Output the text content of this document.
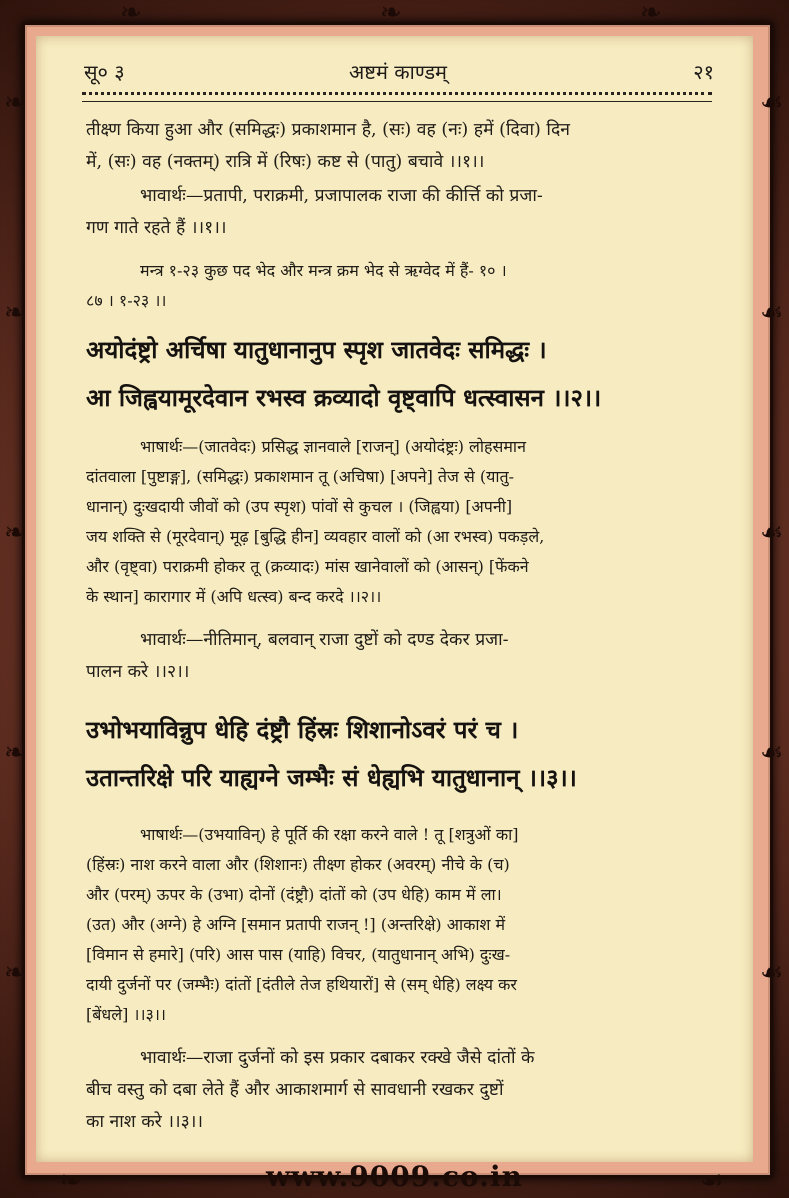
❧
❧
❧
❧
❧
☙
☙
☙
☙
☙
❧	❧	❧
❧	☙
सू० ३	अष्टमं काण्डम्	२१
तीक्ष्ण किया हुआ और (समिद्धः) प्रकाशमान है, (सः) वह (नः) हमें (दिवा) दिन
में, (सः) वह (नक्तम्) रात्रि में (रिषः) कष्ट से (पातु) बचावे ।।१।।
भावार्थः—प्रतापी, पराक्रमी, प्रजापालक राजा की कीर्त्ति को प्रजा-
गण गाते रहते हैं ।।१।।
मन्त्र १-२३ कुछ पद भेद और मन्त्र क्रम भेद से ऋग्वेद में हैं- १० ।
८७ । १-२३ ।।
अयोदंष्ट्रो अर्चिषा यातुधानानुप स्पृश जातवेदः समिद्धः ।
आ जिह्वयामूरदेवान रभस्व क्रव्यादो वृष्ट्वापि धत्स्वासन ।।२।।
भाषार्थः—(जातवेदः) प्रसिद्ध ज्ञानवाले [राजन्] (अयोदंष्ट्रः) लोहसमान
दांतवाला [पुष्टाङ्ग], (समिद्धः) प्रकाशमान तू (अचिषा) [अपने] तेज से (यातु-
धानान्) दुःखदायी जीवों को (उप स्पृश) पांवों से कुचल । (जिह्वया) [अपनी]
जय शक्ति से (मूरदेवान्) मूढ़ [बुद्धि हीन] व्यवहार वालों को (आ रभस्व) पकड़ले,
और (वृष्ट्वा) पराक्रमी होकर तू (क्रव्यादः) मांस खानेवालों को (आसन्) [फेंकने
के स्थान] कारागार में (अपि धत्स्व) बन्द करदे ।।२।।
भावार्थः—नीतिमान्, बलवान् राजा दुष्टों को दण्ड देकर प्रजा-
पालन करे ।।२।।
उभोभयाविन्नुप धेहि दंष्ट्रौ हिंस्रः शिशानोऽवरं परं च ।
उतान्तरिक्षे परि याह्यग्ने जम्भैः सं धेह्यभि यातुधानान् ।।३।।
भाषार्थः—(उभयाविन्) हे पूर्ति की रक्षा करने वाले ! तू [शत्रुओं का]
(हिंस्रः) नाश करने वाला और (शिशानः) तीक्ष्ण होकर (अवरम्) नीचे के (च)
और (परम्) ऊपर के (उभा) दोनों (दंष्ट्रौ) दांतों को (उप धेहि) काम में ला।
(उत) और (अग्ने) हे अग्नि [समान प्रतापी राजन् !] (अन्तरिक्षे) आकाश में
[विमान से हमारे] (परि) आस पास (याहि) विचर, (यातुधानान् अभि) दुःख-
दायी दुर्जनों पर (जम्भैः) दांतों [दंतीले तेज हथियारों] से (सम् धेहि) लक्ष्य कर
[बेंधले] ।।३।।
भावार्थः—राजा दुर्जनों को इस प्रकार दबाकर रक्खे जैसे दांतों के
बीच वस्तु को दबा लेते हैं और आकाशमार्ग से सावधानी रखकर दुष्टों
का नाश करे ।।३।।
www.9009.co.in
